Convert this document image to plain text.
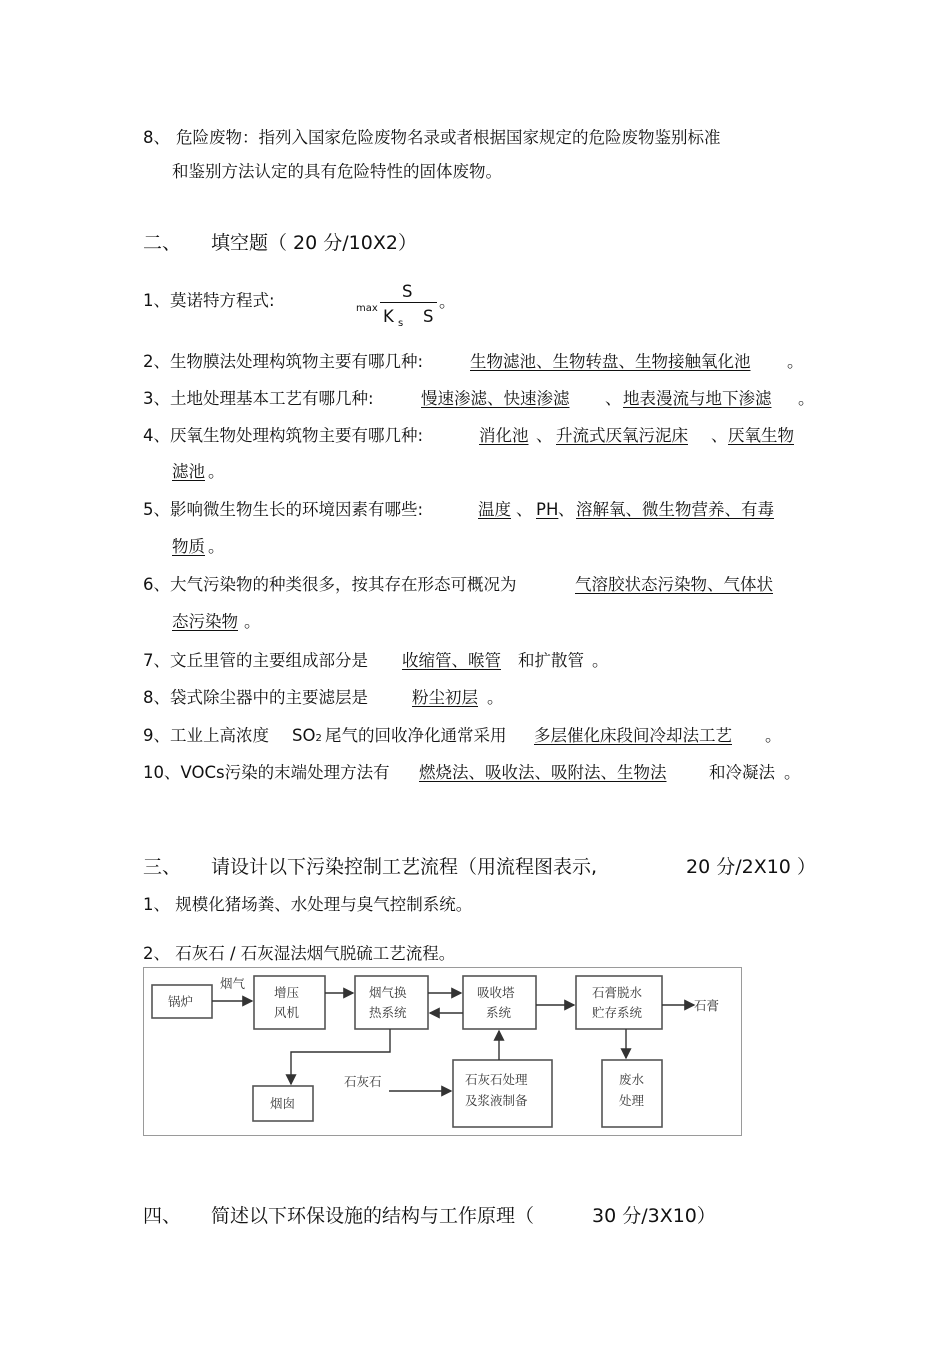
8、 危险废物：指列入国家危险废物名录或者根据国家规定的危险废物鉴别标准
和鉴别方法认定的具有危险特性的固体废物。
二、 填空题（ 20 分/10X2）
1、莫诺特方程式:	max
S
K s S
。
2、生物膜法处理构筑物主要有哪几种:	生物滤池、生物转盘、生物接触氧化池 。
3、土地处理基本工艺有哪几种:	慢速渗滤、快速渗滤 、 地表漫流与地下渗滤 。
4、厌氧生物处理构筑物主要有哪几种:	消化池 、 升流式厌氧污泥床 、 厌氧生物
滤池 。
5、影响微生物生长的环境因素有哪些:	温度 、 PH 、 溶解氧、微生物营养、有毒
物质 。
6、大气污染物的种类很多，按其存在形态可概况为	气溶胶状态污染物、气体状
态污染物 。
7、文丘里管的主要组成部分是 收缩管、喉管 和扩散管 。
8、袋式除尘器中的主要滤层是	粉尘初层 。
9、工业上高浓度 SO2 尾气的回收净化通常采用 多层催化床段间冷却法工艺 。
10、VOCs污染的末端处理方法有 燃烧法、吸收法、吸附法、生物法	和冷凝法 。
三、 请设计以下污染控制工艺流程（用流程图表示,	20 分/2X10 ）
1、 规模化猪场粪、水处理与臭气控制系统。
2、 石灰石 / 石灰湿法烟气脱硫工艺流程。
锅炉
烟气
增压
风机
烟气换
热系统
吸收塔
系统
石膏脱水
贮存系统	石膏
烟囱
石灰石	石灰石处理
及浆液制备
废水
处理
四、 简述以下环保设施的结构与工作原理（	30 分/3X10）
